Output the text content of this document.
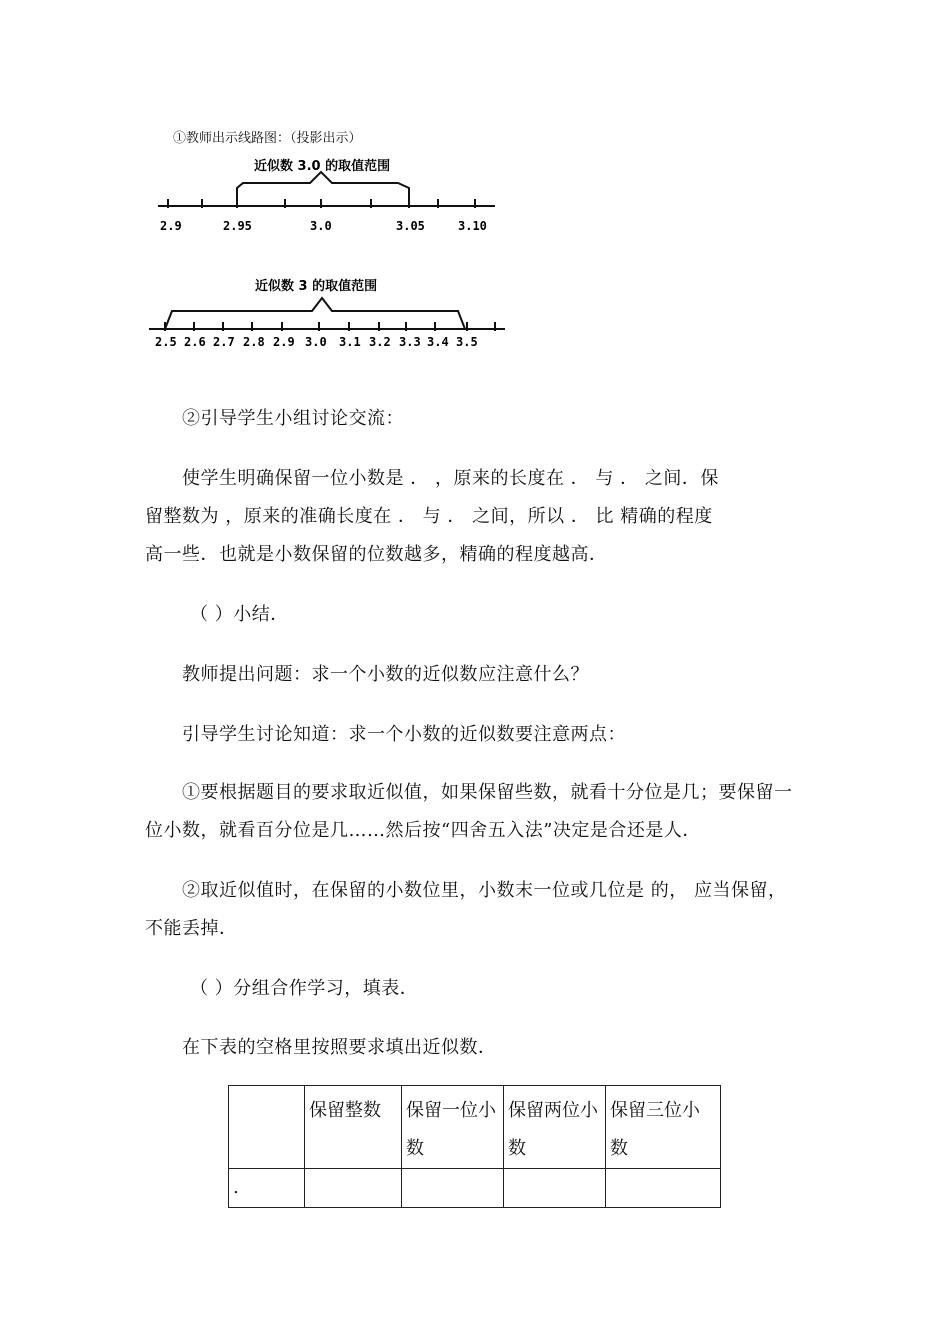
①教师出示线路图：（投影出示）
近似数 3.0 的取值范围
2.9	2.95	3.0	3.05	3.10
近似数 3 的取值范围
2.5 2.6 2.7 2.8 2.9 3.0 3.1 3.2 3.3 3.4 3.5
②引导学生小组讨论交流：
使学生明确保留一位小数是 ． ，原来的长度在 ． 与 ． 之间．保
留整数为 ，原来的准确长度在 ． 与 ． 之间，所以 ． 比 精确的程度
高一些．也就是小数保留的位数越多，精确的程度越高．
（ ）小结．
教师提出问题：求一个小数的近似数应注意什么？
引导学生讨论知道：求一个小数的近似数要注意两点：
①要根据题目的要求取近似值，如果保留些数，就看十分位是几；要保留一
位小数，就看百分位是几……然后按“四舍五入法”决定是合还是人．
②取近似值时，在保留的小数位里，小数末一位或几位是 的， 应当保留，
不能丢掉．
（ ）分组合作学习，填表．
在下表的空格里按照要求填出近似数．
	保留整数	保留一位小数	保留两位小数	保留三位小数
.				
